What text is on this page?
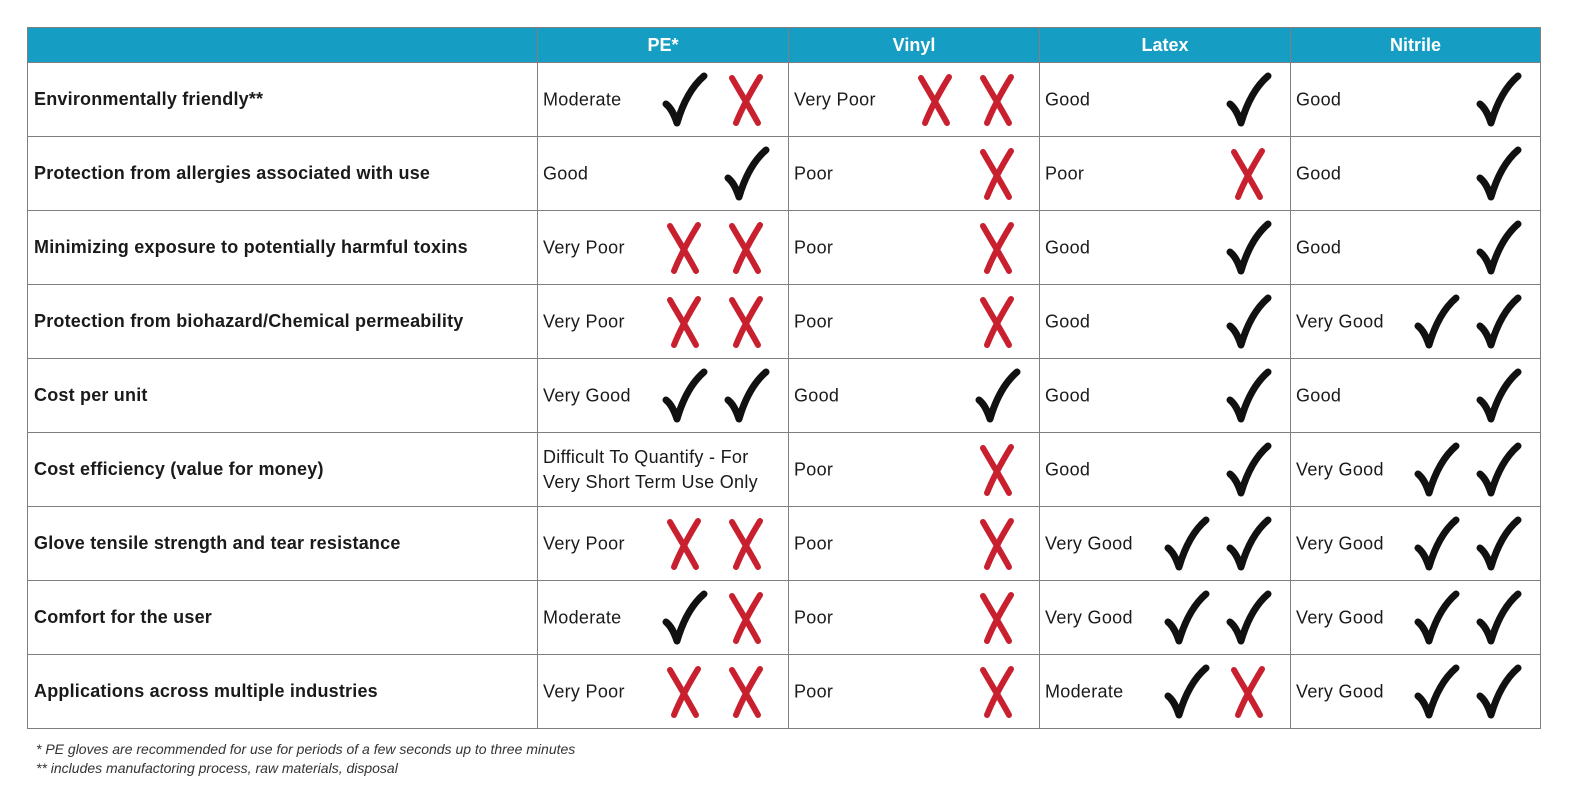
	PE*	Vinyl	Latex	Nitrile
Environmentally friendly**	Moderate	Very Poor	Good	Good

Protection from allergies associated with use	Good	Poor	Poor	Good

Minimizing exposure to potentially harmful toxins	Very Poor	Poor	Good	Good

Protection from biohazard/Chemical permeability	Very Poor	Poor	Good	Very Good

Cost per unit	Very Good	Good	Good	Good

Cost efficiency (value for money)	Difficult To Quantify - For Very Short Term Use Only	Poor	Good	Very Good

Glove tensile strength and tear resistance	Very Poor	Poor	Very Good	Very Good

Comfort for the user	Moderate	Poor	Very Good	Very Good

Applications across multiple industries	Very Poor	Poor	Moderate	Very Good
* PE gloves are recommended for use for periods of a few seconds up to three minutes
** includes manufactoring process, raw materials, disposal
